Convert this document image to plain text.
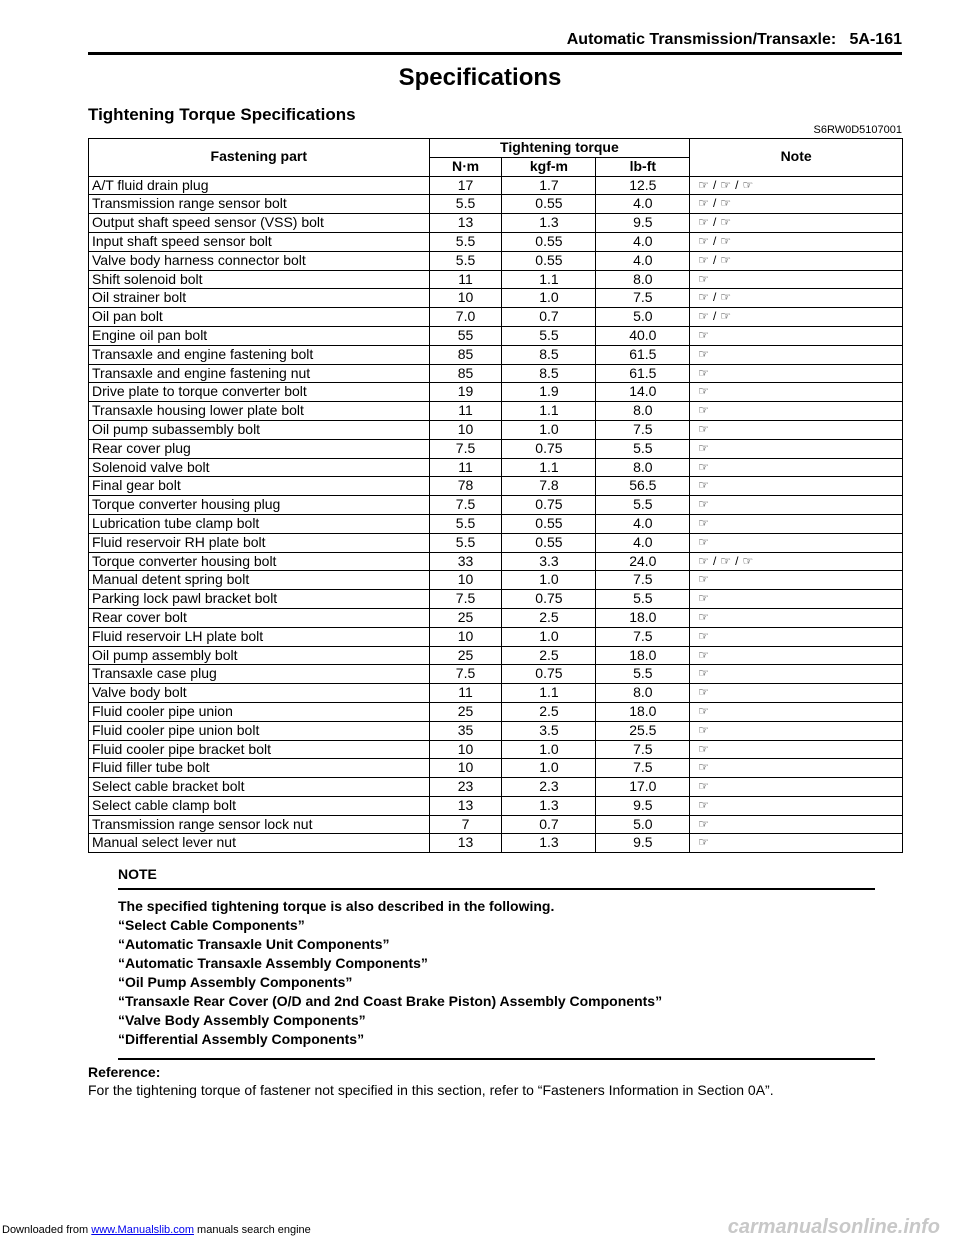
Automatic Transmission/Transaxle: 5A-161
Specifications
Tightening Torque Specifications
S6RW0D5107001
Fastening part	Tightening torque			Note
	N⋅m	kgf-m	lb-ft	
A/T fluid drain plug	17	1.7	12.5	☞ / ☞ / ☞
Transmission range sensor bolt	5.5	0.55	4.0	☞ / ☞
Output shaft speed sensor (VSS) bolt	13	1.3	9.5	☞ / ☞
Input shaft speed sensor bolt	5.5	0.55	4.0	☞ / ☞
Valve body harness connector bolt	5.5	0.55	4.0	☞ / ☞
Shift solenoid bolt	11	1.1	8.0	☞
Oil strainer bolt	10	1.0	7.5	☞ / ☞
Oil pan bolt	7.0	0.7	5.0	☞ / ☞
Engine oil pan bolt	55	5.5	40.0	☞
Transaxle and engine fastening bolt	85	8.5	61.5	☞
Transaxle and engine fastening nut	85	8.5	61.5	☞
Drive plate to torque converter bolt	19	1.9	14.0	☞
Transaxle housing lower plate bolt	11	1.1	8.0	☞
Oil pump subassembly bolt	10	1.0	7.5	☞
Rear cover plug	7.5	0.75	5.5	☞
Solenoid valve bolt	11	1.1	8.0	☞
Final gear bolt	78	7.8	56.5	☞
Torque converter housing plug	7.5	0.75	5.5	☞
Lubrication tube clamp bolt	5.5	0.55	4.0	☞
Fluid reservoir RH plate bolt	5.5	0.55	4.0	☞
Torque converter housing bolt	33	3.3	24.0	☞ / ☞ / ☞
Manual detent spring bolt	10	1.0	7.5	☞
Parking lock pawl bracket bolt	7.5	0.75	5.5	☞
Rear cover bolt	25	2.5	18.0	☞
Fluid reservoir LH plate bolt	10	1.0	7.5	☞
Oil pump assembly bolt	25	2.5	18.0	☞
Transaxle case plug	7.5	0.75	5.5	☞
Valve body bolt	11	1.1	8.0	☞
Fluid cooler pipe union	25	2.5	18.0	☞
Fluid cooler pipe union bolt	35	3.5	25.5	☞
Fluid cooler pipe bracket bolt	10	1.0	7.5	☞
Fluid filler tube bolt	10	1.0	7.5	☞
Select cable bracket bolt	23	2.3	17.0	☞
Select cable clamp bolt	13	1.3	9.5	☞
Transmission range sensor lock nut	7	0.7	5.0	☞
Manual select lever nut	13	1.3	9.5	☞
NOTE
The specified tightening torque is also described in the following.
“Select Cable Components”
“Automatic Transaxle Unit Components”
“Automatic Transaxle Assembly Components”
“Oil Pump Assembly Components”
“Transaxle Rear Cover (O/D and 2nd Coast Brake Piston) Assembly Components”
“Valve Body Assembly Components”
“Differential Assembly Components”
Reference:
For the tightening torque of fastener not specified in this section, refer to “Fasteners Information in Section 0A”.
Downloaded from www.Manualslib.com manuals search engine	carmanualsonline.info
